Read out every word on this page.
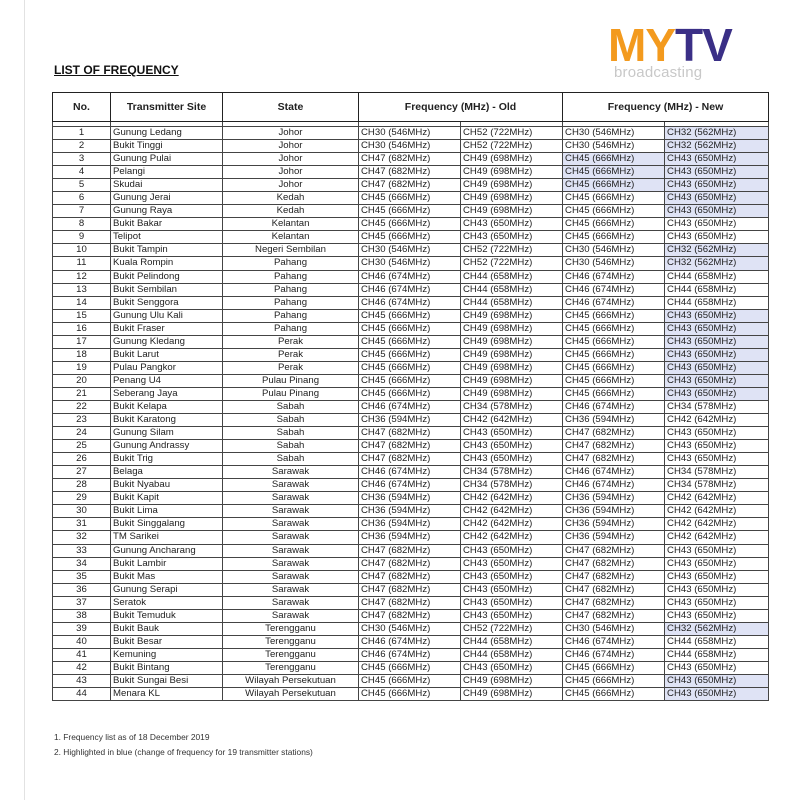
MYTV
broadcasting
LIST OF FREQUENCY
No.	Transmitter Site	State	Frequency (MHz) - Old		Frequency (MHz) - New	

1	Gunung Ledang	Johor	CH30 (546MHz)	CH52 (722MHz)	CH30 (546MHz)	CH32 (562MHz)
2	Bukit Tinggi	Johor	CH30 (546MHz)	CH52 (722MHz)	CH30 (546MHz)	CH32 (562MHz)
3	Gunung Pulai	Johor	CH47 (682MHz)	CH49 (698MHz)	CH45 (666MHz)	CH43 (650MHz)
4	Pelangi	Johor	CH47 (682MHz)	CH49 (698MHz)	CH45 (666MHz)	CH43 (650MHz)
5	Skudai	Johor	CH47 (682MHz)	CH49 (698MHz)	CH45 (666MHz)	CH43 (650MHz)
6	Gunung Jerai	Kedah	CH45 (666MHz)	CH49 (698MHz)	CH45 (666MHz)	CH43 (650MHz)
7	Gunung Raya	Kedah	CH45 (666MHz)	CH49 (698MHz)	CH45 (666MHz)	CH43 (650MHz)
8	Bukit Bakar	Kelantan	CH45 (666MHz)	CH43 (650MHz)	CH45 (666MHz)	CH43 (650MHz)
9	Telipot	Kelantan	CH45 (666MHz)	CH43 (650MHz)	CH45 (666MHz)	CH43 (650MHz)
10	Bukit Tampin	Negeri Sembilan	CH30 (546MHz)	CH52 (722MHz)	CH30 (546MHz)	CH32 (562MHz)
11	Kuala Rompin	Pahang	CH30 (546MHz)	CH52 (722MHz)	CH30 (546MHz)	CH32 (562MHz)
12	Bukit Pelindong	Pahang	CH46 (674MHz)	CH44 (658MHz)	CH46 (674MHz)	CH44 (658MHz)
13	Bukit Sembilan	Pahang	CH46 (674MHz)	CH44 (658MHz)	CH46 (674MHz)	CH44 (658MHz)
14	Bukit Senggora	Pahang	CH46 (674MHz)	CH44 (658MHz)	CH46 (674MHz)	CH44 (658MHz)
15	Gunung Ulu Kali	Pahang	CH45 (666MHz)	CH49 (698MHz)	CH45 (666MHz)	CH43 (650MHz)
16	Bukit Fraser	Pahang	CH45 (666MHz)	CH49 (698MHz)	CH45 (666MHz)	CH43 (650MHz)
17	Gunung Kledang	Perak	CH45 (666MHz)	CH49 (698MHz)	CH45 (666MHz)	CH43 (650MHz)
18	Bukit Larut	Perak	CH45 (666MHz)	CH49 (698MHz)	CH45 (666MHz)	CH43 (650MHz)
19	Pulau Pangkor	Perak	CH45 (666MHz)	CH49 (698MHz)	CH45 (666MHz)	CH43 (650MHz)
20	Penang U4	Pulau Pinang	CH45 (666MHz)	CH49 (698MHz)	CH45 (666MHz)	CH43 (650MHz)
21	Seberang Jaya	Pulau Pinang	CH45 (666MHz)	CH49 (698MHz)	CH45 (666MHz)	CH43 (650MHz)
22	Bukit Kelapa	Sabah	CH46 (674MHz)	CH34 (578MHz)	CH46 (674MHz)	CH34 (578MHz)
23	Bukit Karatong	Sabah	CH36 (594MHz)	CH42 (642MHz)	CH36 (594MHz)	CH42 (642MHz)
24	Gunung Silam	Sabah	CH47 (682MHz)	CH43 (650MHz)	CH47 (682MHz)	CH43 (650MHz)
25	Gunung Andrassy	Sabah	CH47 (682MHz)	CH43 (650MHz)	CH47 (682MHz)	CH43 (650MHz)
26	Bukit Trig	Sabah	CH47 (682MHz)	CH43 (650MHz)	CH47 (682MHz)	CH43 (650MHz)
27	Belaga	Sarawak	CH46 (674MHz)	CH34 (578MHz)	CH46 (674MHz)	CH34 (578MHz)
28	Bukit Nyabau	Sarawak	CH46 (674MHz)	CH34 (578MHz)	CH46 (674MHz)	CH34 (578MHz)
29	Bukit Kapit	Sarawak	CH36 (594MHz)	CH42 (642MHz)	CH36 (594MHz)	CH42 (642MHz)
30	Bukit Lima	Sarawak	CH36 (594MHz)	CH42 (642MHz)	CH36 (594MHz)	CH42 (642MHz)
31	Bukit Singgalang	Sarawak	CH36 (594MHz)	CH42 (642MHz)	CH36 (594MHz)	CH42 (642MHz)
32	TM Sarikei	Sarawak	CH36 (594MHz)	CH42 (642MHz)	CH36 (594MHz)	CH42 (642MHz)
33	Gunung Ancharang	Sarawak	CH47 (682MHz)	CH43 (650MHz)	CH47 (682MHz)	CH43 (650MHz)
34	Bukit Lambir	Sarawak	CH47 (682MHz)	CH43 (650MHz)	CH47 (682MHz)	CH43 (650MHz)
35	Bukit Mas	Sarawak	CH47 (682MHz)	CH43 (650MHz)	CH47 (682MHz)	CH43 (650MHz)
36	Gunung Serapi	Sarawak	CH47 (682MHz)	CH43 (650MHz)	CH47 (682MHz)	CH43 (650MHz)
37	Seratok	Sarawak	CH47 (682MHz)	CH43 (650MHz)	CH47 (682MHz)	CH43 (650MHz)
38	Bukit Temuduk	Sarawak	CH47 (682MHz)	CH43 (650MHz)	CH47 (682MHz)	CH43 (650MHz)
39	Bukit Bauk	Terengganu	CH30 (546MHz)	CH52 (722MHz)	CH30 (546MHz)	CH32 (562MHz)
40	Bukit Besar	Terengganu	CH46 (674MHz)	CH44 (658MHz)	CH46 (674MHz)	CH44 (658MHz)
41	Kemuning	Terengganu	CH46 (674MHz)	CH44 (658MHz)	CH46 (674MHz)	CH44 (658MHz)
42	Bukit Bintang	Terengganu	CH45 (666MHz)	CH43 (650MHz)	CH45 (666MHz)	CH43 (650MHz)
43	Bukit Sungai Besi	Wilayah Persekutuan	CH45 (666MHz)	CH49 (698MHz)	CH45 (666MHz)	CH43 (650MHz)
44	Menara KL	Wilayah Persekutuan	CH45 (666MHz)	CH49 (698MHz)	CH45 (666MHz)	CH43 (650MHz)
1. Frequency list as of 18 December 2019
2. Highlighted in blue (change of frequency for 19 transmitter stations)
